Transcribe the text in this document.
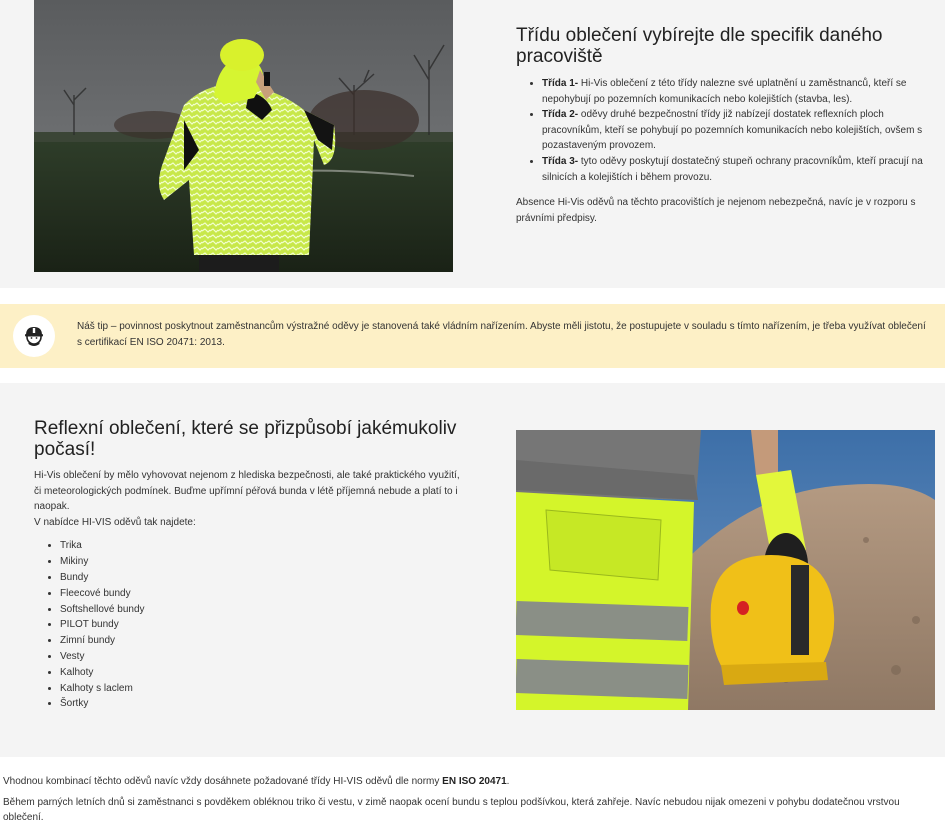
Třídu oblečení vybírejte dle specifik daného pracoviště
• Třída 1- Hi-Vis oblečení z této třídy nalezne své uplatnění u zaměstnanců, kteří se nepohybují po pozemních komunikacích nebo kolejištích (stavba, les).
• Třída 2- oděvy druhé bezpečnostní třídy již nabízejí dostatek reflexních ploch pracovníkům, kteří se pohybují po pozemních komunikacích nebo kolejištích, ovšem s pozastaveným provozem.
• Třída 3- tyto oděvy poskytují dostatečný stupeň ochrany pracovníkům, kteří pracují na silnicích a kolejištích i během provozu.

Absence Hi-Vis oděvů na těchto pracovištích je nejenom nebezpečná, navíc je v rozporu s právními předpisy.

Náš tip – povinnost poskytnout zaměstnancům výstražné oděvy je stanovená také vládním nařízením. Abyste měli jistotu, že postupujete v souladu s tímto nařízením, je třeba využívat oblečení s certifikací EN ISO 20471: 2013.
Reflexní oblečení, které se přizpůsobí jakémukoliv počasí!

Hi-Vis oblečení by mělo vyhovovat nejenom z hlediska bezpečnosti, ale také praktického využití, či meteorologických podmínek. Buďme upřímní péřová bunda v létě příjemná nebude a platí to i naopak.

V nabídce HI-VIS oděvů tak najdete:

• Trika
• Mikiny
• Bundy
• Fleecové bundy
• Softshellové bundy
• PILOT bundy
• Zimní bundy
• Vesty
• Kalhoty
• Kalhoty s laclem
• Šortky

Vhodnou kombinací těchto oděvů navíc vždy dosáhnete požadované třídy HI-VIS oděvů dle normy EN ISO 20471.

Během parných letních dnů si zaměstnanci s povděkem obléknou triko či vestu, v zimě naopak ocení bundu s teplou podšívkou, která zahřeje. Navíc nebudou nijak omezeni v pohybu dodatečnou vrstvou oblečení.
